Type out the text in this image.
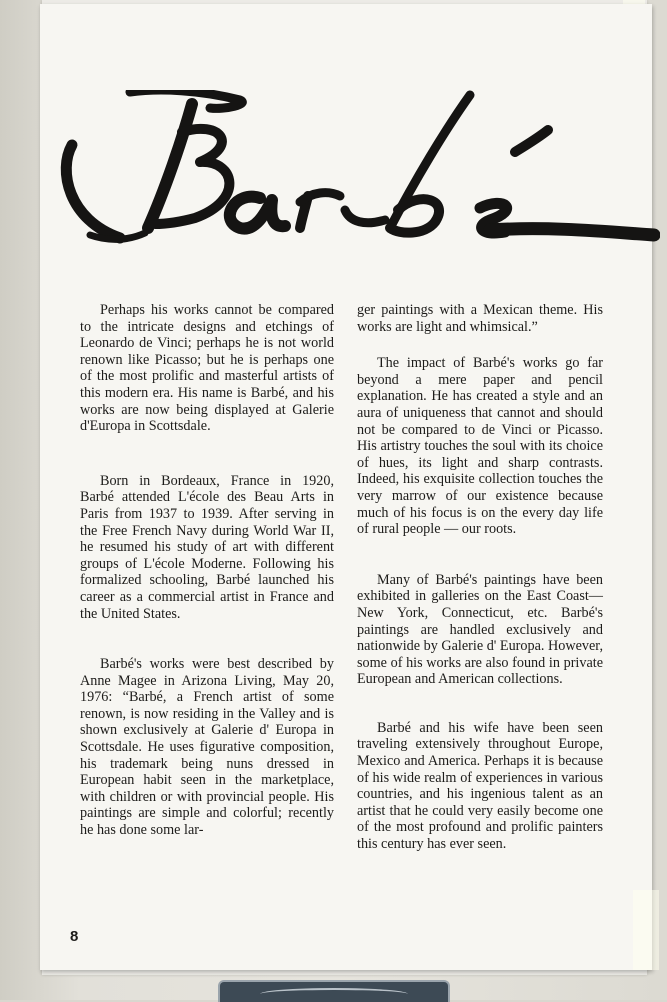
Perhaps his works cannot be compared to the intricate designs and etchings of Leonardo de Vinci; perhaps he is not world renown like Picasso; but he is perhaps one of the most prolific and masterful artists of this modern era. His name is Barbé, and his works are now being displayed at Galerie d'Europa in Scottsdale.

Born in Bordeaux, France in 1920, Barbé attended L'école des Beau Arts in Paris from 1937 to 1939. After serving in the Free French Navy during World War II, he resumed his study of art with different groups of L'école Moderne. Following his formalized schooling, Barbé launched his career as a commercial artist in France and the United States.

Barbé's works were best described by Anne Magee in Arizona Living, May 20, 1976: “Barbé, a French artist of some renown, is now residing in the Valley and is shown exclusively at Galerie d' Europa in Scottsdale. He uses figurative composition, his trademark being nuns dressed in European habit seen in the marketplace, with children or with provincial people. His paintings are simple and colorful; recently he has done some lar-

ger paintings with a Mexican theme. His works are light and whimsical.”

The impact of Barbé's works go far beyond a mere paper and pencil explanation. He has created a style and an aura of uniqueness that cannot and should not be compared to de Vinci or Picasso. His artistry touches the soul with its choice of hues, its light and sharp contrasts. Indeed, his exquisite collection touches the very marrow of our existence because much of his focus is on the every day life of rural people — our roots.

Many of Barbé's paintings have been exhibited in galleries on the East Coast—New York, Connecticut, etc. Barbé's paintings are handled exclusively and nationwide by Galerie d' Europa. However, some of his works are also found in private European and American collections.

Barbé and his wife have been seen traveling extensively throughout Europe, Mexico and America. Perhaps it is because of his wide realm of experiences in various countries, and his ingenious talent as an artist that he could very easily become one of the most profound and prolific painters this century has ever seen.

8
